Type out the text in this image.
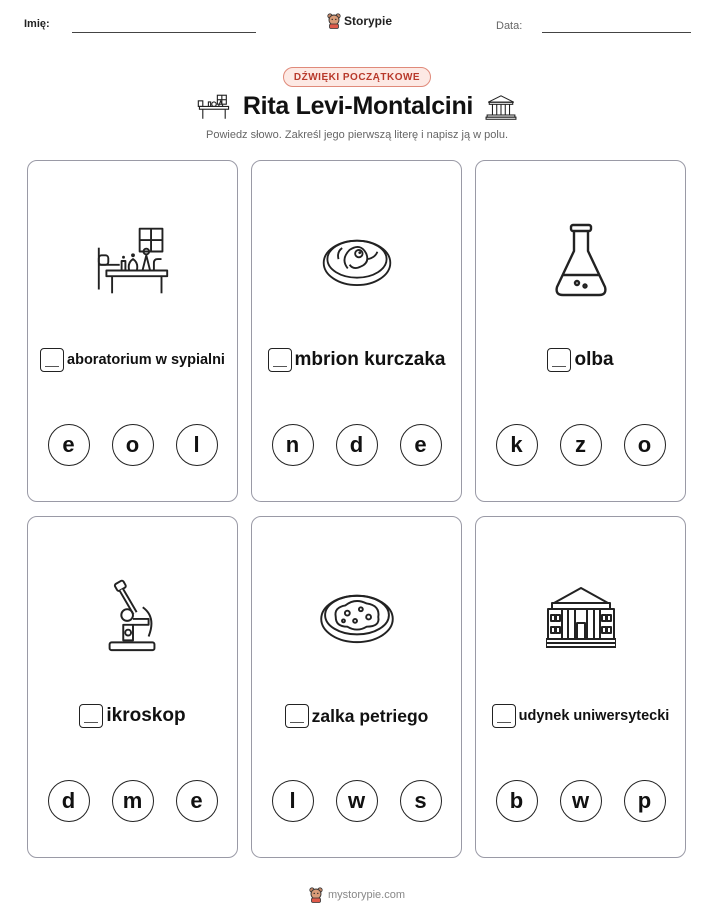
Imię:	Storypie	Data:
DŹWIĘKI POCZĄTKOWE
Rita Levi-Montalcini
Powiedz słowo. Zakreśl jego pierwszą literę i napisz ją w polu.
aboratorium w sypialni
e	o	l
mbrion kurczaka
n	d	e
olba
k	z	o
ikroskop
d	m	e
zalka petriego
l	w	s
udynek uniwersytecki
b	w	p
mystorypie.com
